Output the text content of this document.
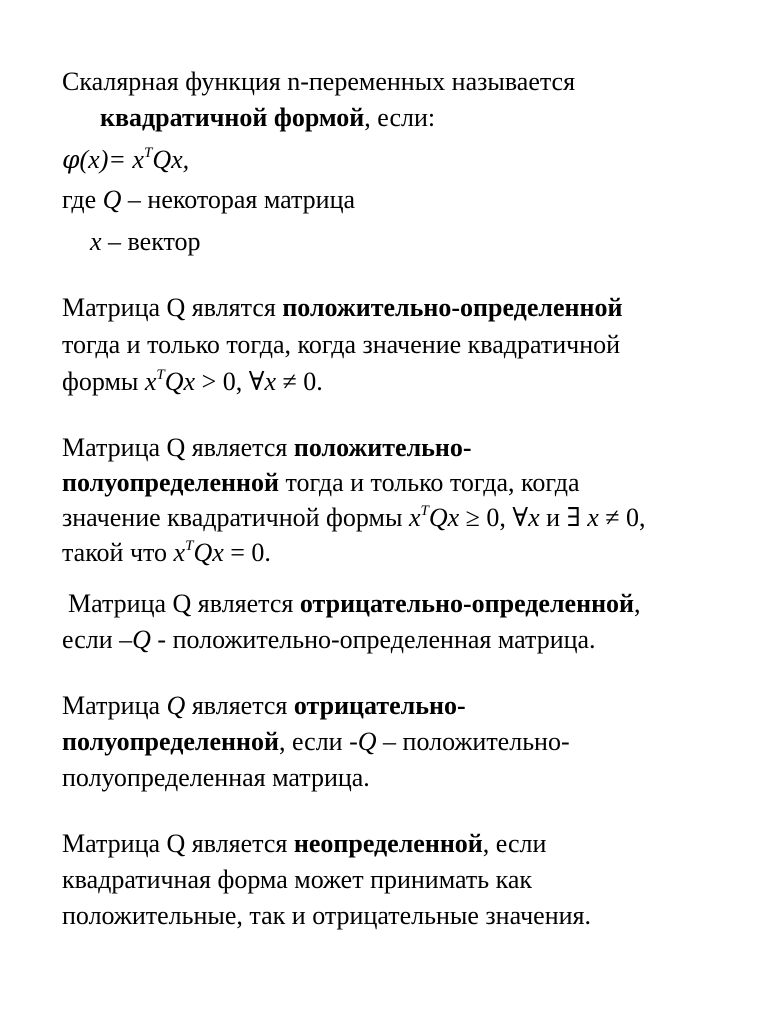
Скалярная функция n-переменных называется
квадратичной формой, если:
$\varphi(x)= x^TQx$,
где Q – некоторая матрица
x – вектор
Матрица Q являтся положительно-определенной
тогда и только тогда, когда значение квадратичной
формы $x^TQx > 0$, ∀x ≠ 0.
Матрица Q является положительно-
полуопределенной тогда и только тогда, когда
значение квадратичной формы $x^TQx \ge 0$, ∀x и ∃ x ≠ 0,
такой что $x^TQx = 0$.
Матрица Q является отрицательно-определенной,
если –Q - положительно-определенная матрица.
Матрица Q является отрицательно-
полуопределенной, если -Q – положительно-
полуопределенная матрица.
Матрица Q является неопределенной, если
квадратичная форма может принимать как
положительные, так и отрицательные значения.
